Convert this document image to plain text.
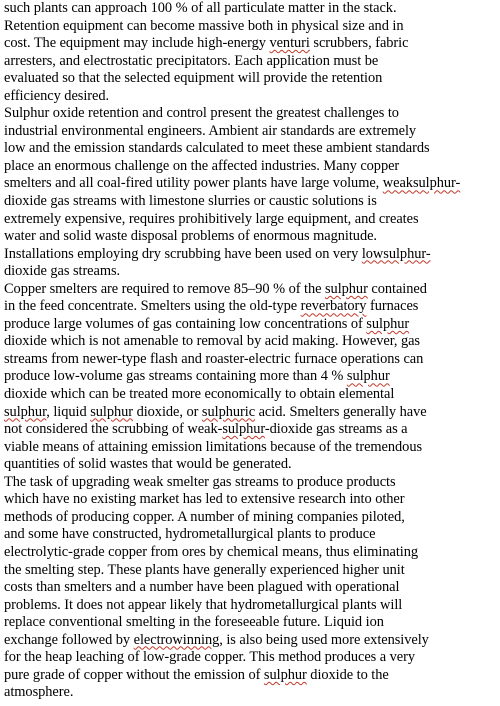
such plants can approach 100 % of all particulate matter in the stack.
Retention equipment can become massive both in physical size and in
cost. The equipment may include high-energy venturi scrubbers, fabric
arresters, and electrostatic precipitators. Each application must be
evaluated so that the selected equipment will provide the retention
efficiency desired.
Sulphur oxide retention and control present the greatest challenges to
industrial environmental engineers. Ambient air standards are extremely
low and the emission standards calculated to meet these ambient standards
place an enormous challenge on the affected industries. Many copper
smelters and all coal-fired utility power plants have large volume, weaksulphur-
dioxide gas streams with limestone slurries or caustic solutions is
extremely expensive, requires prohibitively large equipment, and creates
water and solid waste disposal problems of enormous magnitude.
Installations employing dry scrubbing have been used on very lowsulphur-
dioxide gas streams.
Copper smelters are required to remove 85–90 % of the sulphur contained
in the feed concentrate. Smelters using the old-type reverbatory furnaces
produce large volumes of gas containing low concentrations of sulphur
dioxide which is not amenable to removal by acid making. However, gas
streams from newer-type flash and roaster-electric furnace operations can
produce low-volume gas streams containing more than 4 % sulphur
dioxide which can be treated more economically to obtain elemental
sulphur, liquid sulphur dioxide, or sulphuric acid. Smelters generally have
not considered the scrubbing of weak-sulphur-dioxide gas streams as a
viable means of attaining emission limitations because of the tremendous
quantities of solid wastes that would be generated.
The task of upgrading weak smelter gas streams to produce products
which have no existing market has led to extensive research into other
methods of producing copper. A number of mining companies piloted,
and some have constructed, hydrometallurgical plants to produce
electrolytic-grade copper from ores by chemical means, thus eliminating
the smelting step. These plants have generally experienced higher unit
costs than smelters and a number have been plagued with operational
problems. It does not appear likely that hydrometallurgical plants will
replace conventional smelting in the foreseeable future. Liquid ion
exchange followed by electrowinning, is also being used more extensively
for the heap leaching of low-grade copper. This method produces a very
pure grade of copper without the emission of sulphur dioxide to the
atmosphere.
